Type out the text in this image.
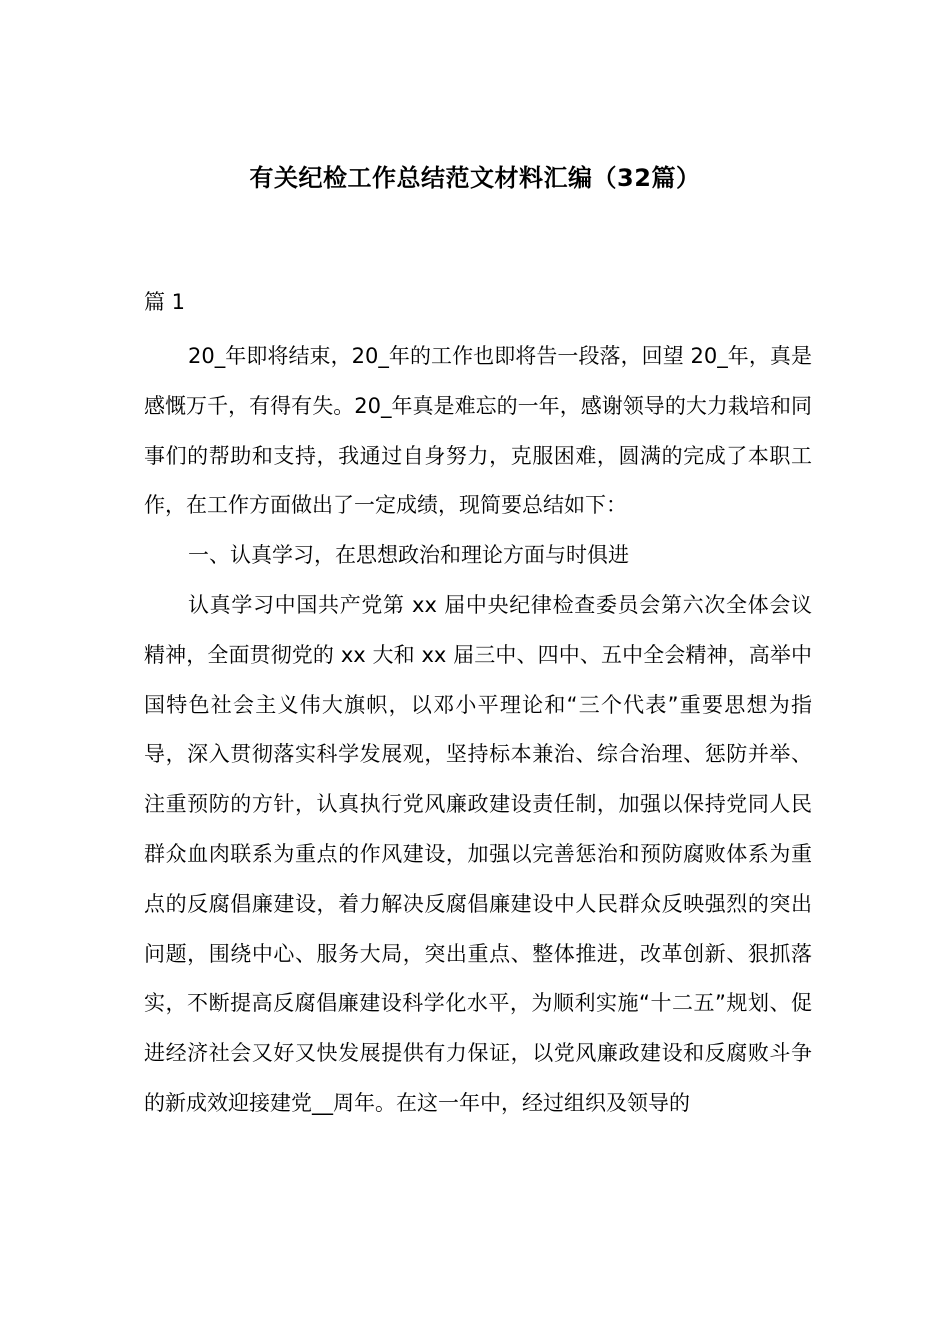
有关纪检工作总结范文材料汇编（32篇）
篇 1

20_年即将结束，20_年的工作也即将告一段落，回望 20_年，真是感慨万千，有得有失。20_年真是难忘的一年，感谢领导的大力栽培和同事们的帮助和支持，我通过自身努力，克服困难，圆满的完成了本职工作，在工作方面做出了一定成绩，现简要总结如下：

一、认真学习，在思想政治和理论方面与时俱进

认真学习中国共产党第 xx 届中央纪律检查委员会第六次全体会议精神，全面贯彻党的 xx 大和 xx 届三中、四中、五中全会精神，高举中国特色社会主义伟大旗帜，以邓小平理论和“三个代表”重要思想为指导，深入贯彻落实科学发展观，坚持标本兼治、综合治理、惩防并举、注重预防的方针，认真执行党风廉政建设责任制，加强以保持党同人民群众血肉联系为重点的作风建设，加强以完善惩治和预防腐败体系为重点的反腐倡廉建设，着力解决反腐倡廉建设中人民群众反映强烈的突出问题，围绕中心、服务大局，突出重点、整体推进，改革创新、狠抓落实，不断提高反腐倡廉建设科学化水平，为顺利实施“十二五”规划、促进经济社会又好又快发展提供有力保证，以党风廉政建设和反腐败斗争的新成效迎接建党__周年。在这一年中，经过组织及领导的
